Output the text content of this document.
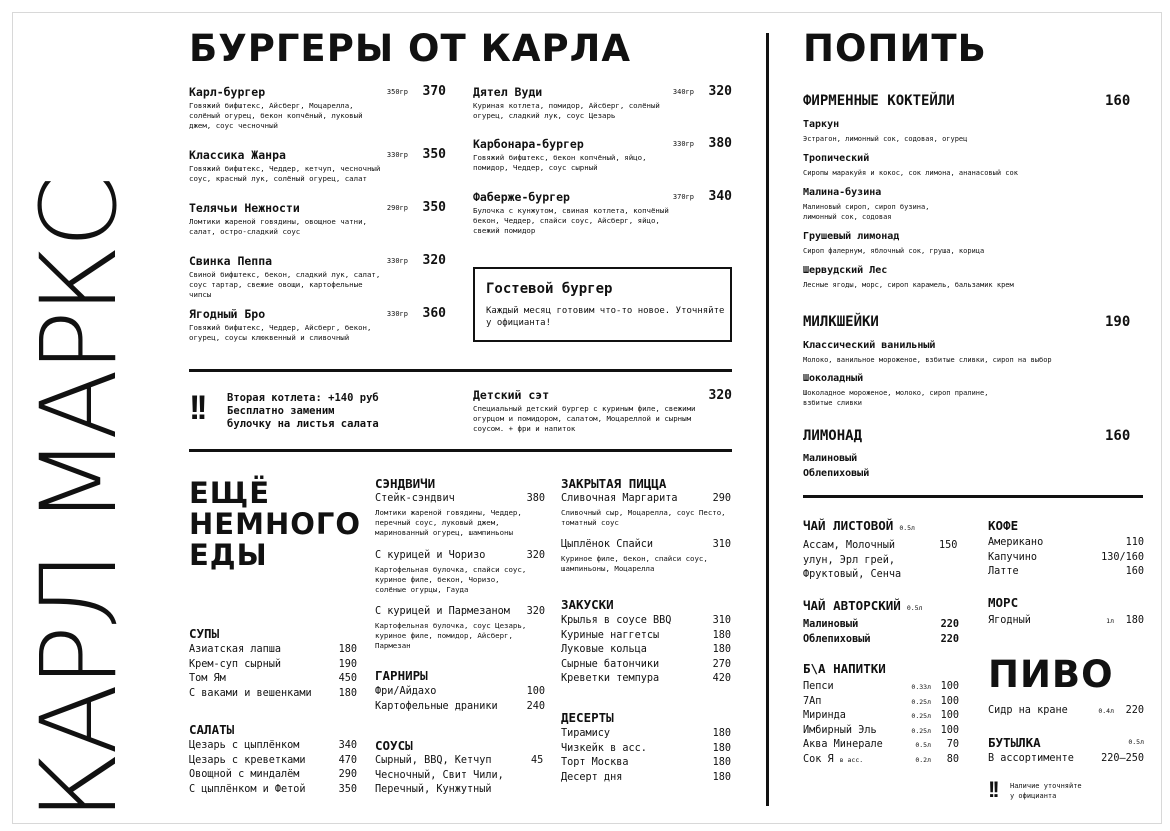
КАРЛ МАРКС
БУРГЕРЫ ОТ КАРЛА
Гостевой бургер
Каждый месяц готовим что-то новое. Уточняйте у официанта!
!! Вторая котлета: +140 руб
Бесплатно заменим
булочку на листья салата
Детский сэт	320
Специальный детский бургер с куриным филе, свежими огурцом и помидором, салатом, Моцареллой и сырным соусом. + фри и напиток
ЕЩЁ
НЕМНОГО
ЕДЫ
ПОПИТЬ
ПИВО
Карл-бургер	350гр 370
Говяжий бифштекс, Айсберг, Моцарелла, солёный огурец, бекон копчёный, луковый джем, соус чесночный
Классика Жанра	330гр 350
Говяжий бифштекс, Чеддер, кетчуп, чесночный соус, красный лук, солёный огурец, салат
Телячьи Нежности	290гр 350
Ломтики жареной говядины, овощное чатни, салат, остро-сладкий соус
Свинка Пеппа	330гр 320
Свиной бифштекс, бекон, сладкий лук, салат, соус тартар, свежие овощи, картофельные чипсы
Ягодный Бро	330гр 360
Говяжий бифштекс, Чеддер, Айсберг, бекон, огурец, соусы клюквенный и сливочный
Дятел Вуди	340гр 320
Куриная котлета, помидор, Айсберг, солёный огурец, сладкий лук, соус Цезарь
Карбонара-бургер	330гр 380
Говяжий бифштекс, бекон копчёный, яйцо, помидор, Чеддер, соус сырный
Фаберже-бургер	370гр 340
Булочка с кунжутом, свиная котлета, копчёный бекон, Чеддер, спайси соус, Айсберг, яйцо, свежий помидор
СУПЫ
Азиатская лапша	180
Крем-суп сырный	190
Том Ям	450
С ваками и вешенками	180
САЛАТЫ
Цезарь с цыплёнком	340
Цезарь с креветками	470
Овощной с миндалём	290
С цыплёнком и Фетой	350
СЭНДВИЧИ
Стейк-сэндвич	380
Ломтики жареной говядины, Чеддер, перечный соус, луковый джем, маринованный огурец, шампиньоны
С курицей и Чоризо	320
Картофельная булочка, спайси соус, куриное филе, бекон, Чоризо, солёные огурцы, Гауда
С курицей и Пармезаном 320
Картофельная булочка, соус Цезарь, куриное филе, помидор, Айсберг, Пармезан
ГАРНИРЫ
Фри/Айдахо	100
Картофельные драники	240
СОУСЫ
Сырный, BBQ, Кетчуп
Чесночный, Свит Чили,
Перечный, Кунжутный
45
ЗАКРЫТАЯ ПИЦЦА
Сливочная Маргарита	290
Сливочный сыр, Моцарелла, соус Песто, томатный соус
Цыплёнок Спайси	310
Куриное филе, бекон, спайси соус, шампиньоны, Моцарелла
ЗАКУСКИ
Крылья в соусе BBQ	310
Куриные наггетсы	180
Луковые кольца	180
Сырные батончики	270
Креветки темпура	420
ДЕСЕРТЫ
Тирамису	180
Чизкейк в асс.	180
Торт Москва	180
Десерт дня	180
ФИРМЕННЫЕ КОКТЕЙЛИ	160
Таркун
Эстрагон, лимонный сок, содовая, огурец
Тропический
Сиропы маракуйя и кокос, сок лимона, ананасовый сок
Малина-бузина
Малиновый сироп, сироп бузина, лимонный сок, содовая
Грушевый лимонад
Сироп фалернум, яблочный сок, груша, корица
Шервудский Лес
Лесные ягоды, морс, сироп карамель, бальзамик крем
МИЛКШЕЙКИ	190
Классический ванильный
Молоко, ванильное мороженое, взбитые сливки, сироп на выбор
Шоколадный
Шоколадное мороженое, молоко, сироп пралине, взбитые сливки
ЛИМОНАД	160
Малиновый
Облепиховый
ЧАЙ ЛИСТОВОЙ 0.5л
Ассам, Молочный
улун, Эрл грей,
Фруктовый, Сенча
150
ЧАЙ АВТОРСКИЙ 0.5л
Малиновый	220
Облепиховый	220
Б\А НАПИТКИ
Пепси	100
0.33л
7Ап	100
0.25л
Миринда	100
0.25л
Имбирный Эль	100
0.25л
Аква Минерале	70
0.5л
Сок Я в асс.	80
0.2л
КОФЕ
Американо	110
Капучино	130/160
Латте	160
МОРС
Ягодный	180
1л
Сидр на кране	220
0.4л
БУТЫЛКА	0.5л
В ассортименте	220–250
!! Наличие уточняйте
у официанта
